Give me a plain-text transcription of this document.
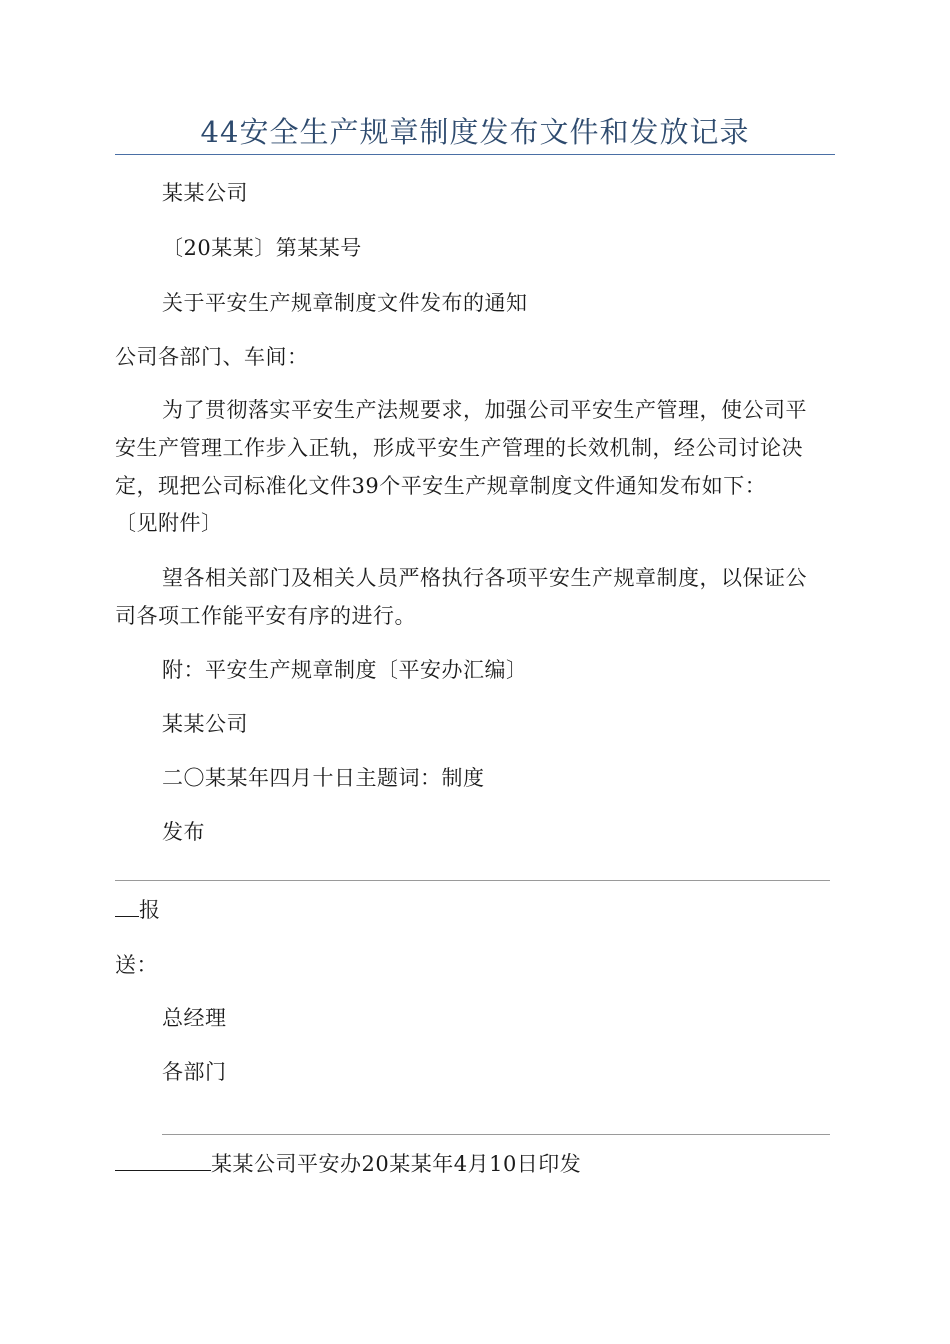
44安全生产规章制度发布文件和发放记录
某某公司
〔20某某〕第某某号
关于平安生产规章制度文件发布的通知
公司各部门、车间：
为了贯彻落实平安生产法规要求，加强公司平安生产管理，使公司平
安生产管理工作步入正轨，形成平安生产管理的长效机制，经公司讨论决
定，现把公司标准化文件39个平安生产规章制度文件通知发布如下：
〔见附件〕
望各相关部门及相关人员严格执行各项平安生产规章制度，以保证公
司各项工作能平安有序的进行。
附：平安生产规章制度〔平安办汇编〕
某某公司
二〇某某年四月十日主题词：制度
发布
报
送：
总经理
各部门
某某公司平安办20某某年4月10日印发
